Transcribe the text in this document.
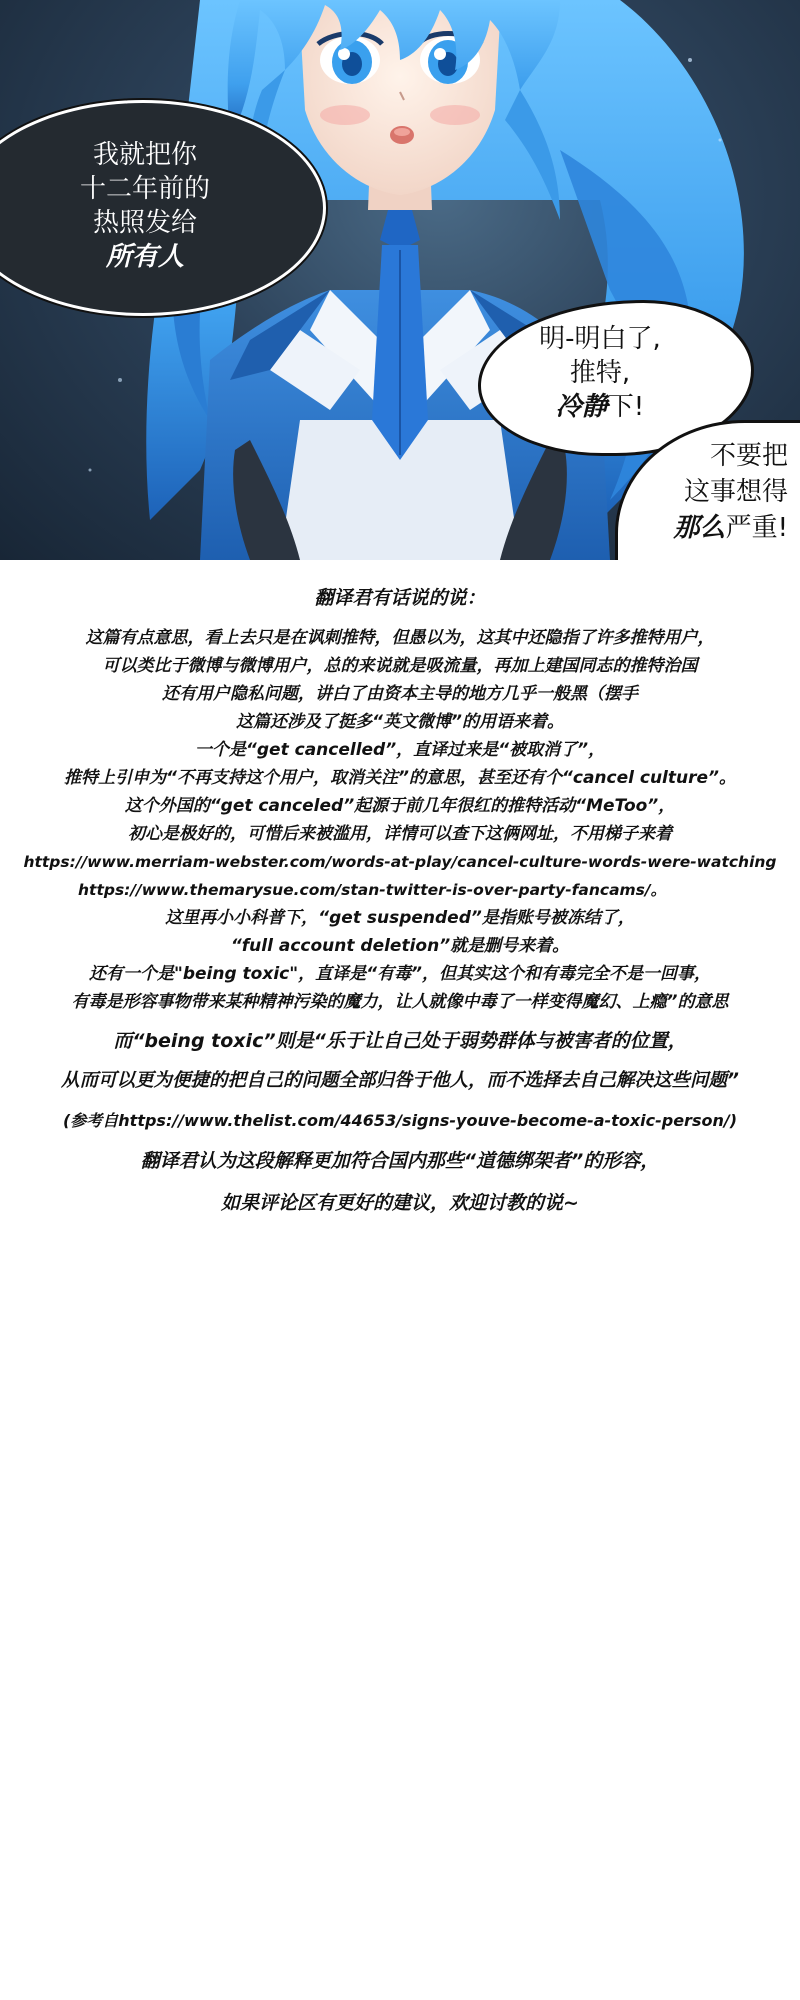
我就把你
十二年前的
热照发给
所有人
明-明白了,
推特,
冷静下!
不要把
这事想得
那么严重!
翻译君有话说的说：
这篇有点意思，看上去只是在讽刺推特，但愚以为，这其中还隐指了许多推特用户，
可以类比于微博与微博用户，总的来说就是吸流量，再加上建国同志的推特治国
还有用户隐私问题，讲白了由资本主导的地方几乎一般黑（摆手
这篇还涉及了挺多“英文微博”的用语来着。
一个是“get cancelled”，直译过来是“被取消了”，
推特上引申为“不再支持这个用户，取消关注”的意思，甚至还有个“cancel culture”。
这个外国的“get canceled”起源于前几年很红的推特活动“MeToo”，
初心是极好的，可惜后来被滥用，详情可以查下这俩网址，不用梯子来着
https://www.merriam-webster.com/words-at-play/cancel-culture-words-were-watching
https://www.themarysue.com/stan-twitter-is-over-party-fancams/。
这里再小小科普下，“get suspended”是指账号被冻结了，
“full account deletion”就是删号来着。
还有一个是"being toxic"，直译是“有毒”，但其实这个和有毒完全不是一回事，
有毒是形容事物带来某种精神污染的魔力，让人就像中毒了一样变得魔幻、上瘾”的意思
而“being toxic”则是“乐于让自己处于弱势群体与被害者的位置，
从而可以更为便捷的把自己的问题全部归咎于他人，而不选择去自己解决这些问题”
(参考自https://www.thelist.com/44653/signs-youve-become-a-toxic-person/)
翻译君认为这段解释更加符合国内那些“道德绑架者”的形容，
如果评论区有更好的建议，欢迎讨教的说~
